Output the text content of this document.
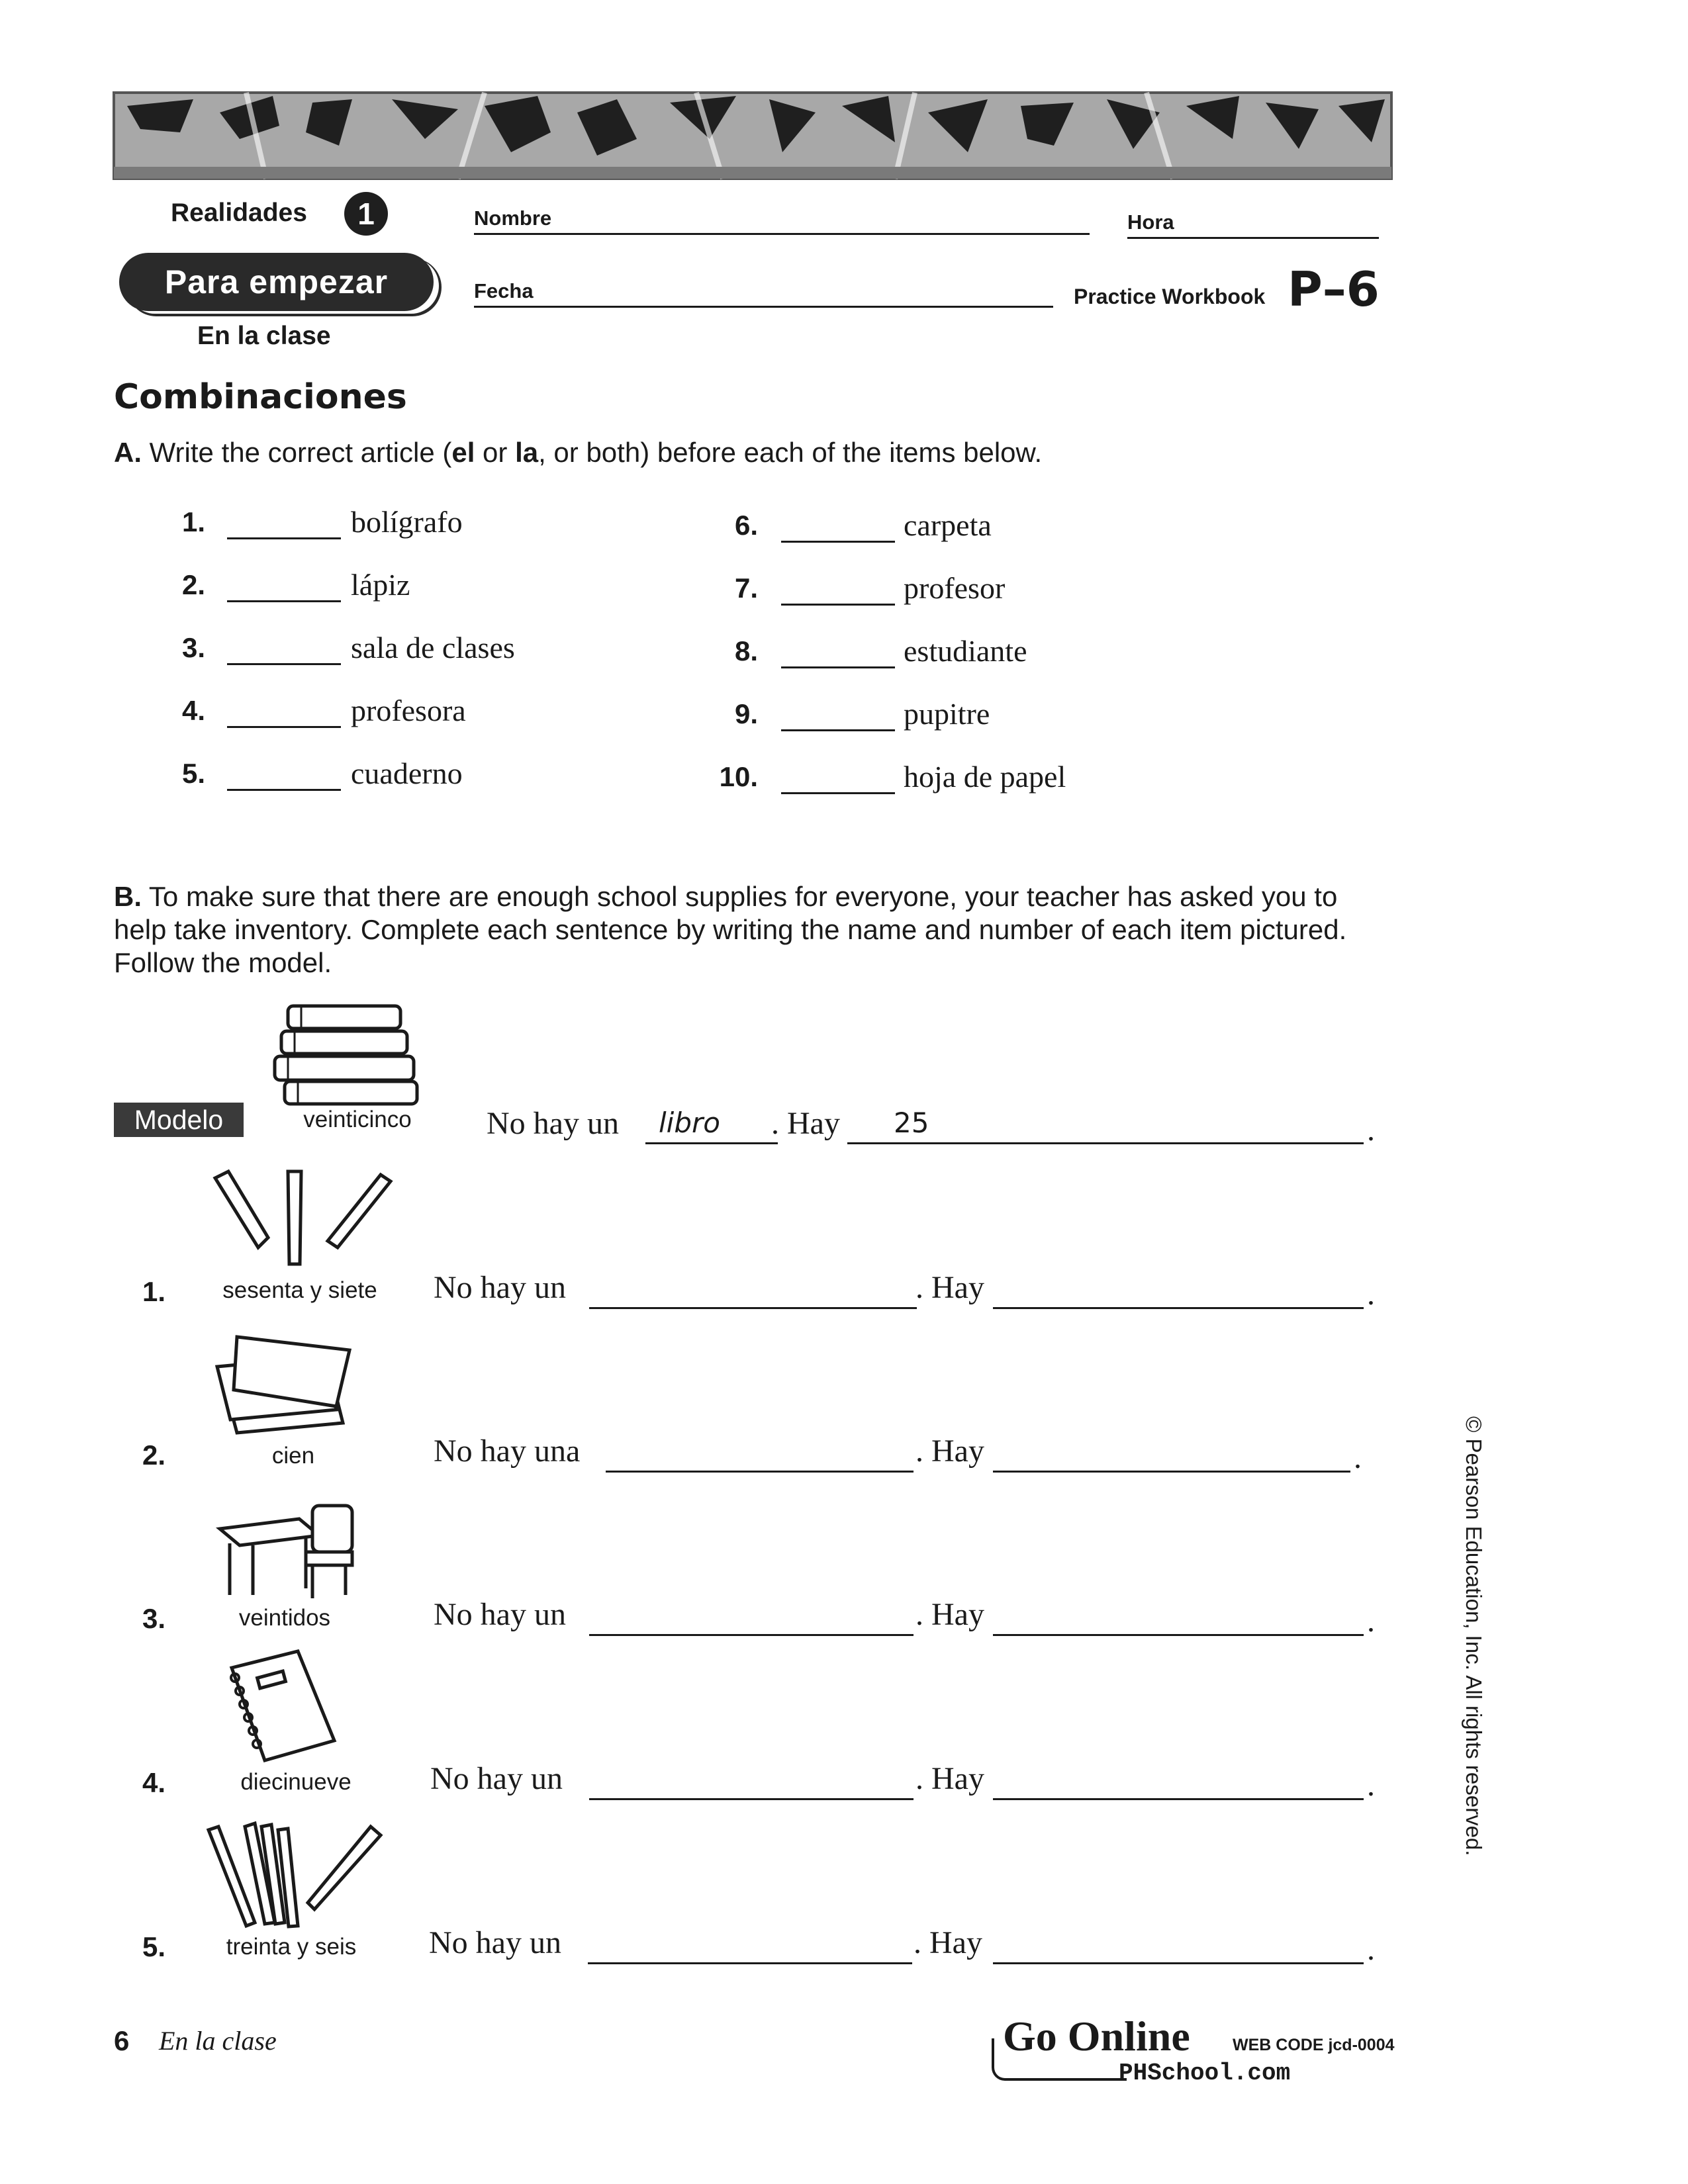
Realidades	1
Para empezar
En la clase
Nombre	Hora
Fecha	Practice Workbook P–6
Combinaciones
A. Write the correct article (el or la, or both) before each of the items below.
1.	bolígrafo
2.	lápiz
3.	sala de clases
4.	profesora
5.	cuaderno
6.	carpeta
7.	profesor
8.	estudiante
9.	pupitre
10.	hoja de papel
B. To make sure that there are enough school supplies for everyone, your teacher has asked you to help take inventory. Complete each sentence by writing the name and number of each item pictured. Follow the model.
Modelo	veinticinco	No hay un libro . Hay 25	.
1.	sesenta y siete	No hay un	. Hay	.
2.	cien	No hay una	. Hay	.
3.	veintidos	No hay un	. Hay	.
4.	diecinueve	No hay un	. Hay	.
5.	treinta y seis	No hay un	. Hay	.
6 En la clase	Go Online	WEB CODE jcd-0004
PHSchool.com
© Pearson Education, Inc. All rights reserved.
